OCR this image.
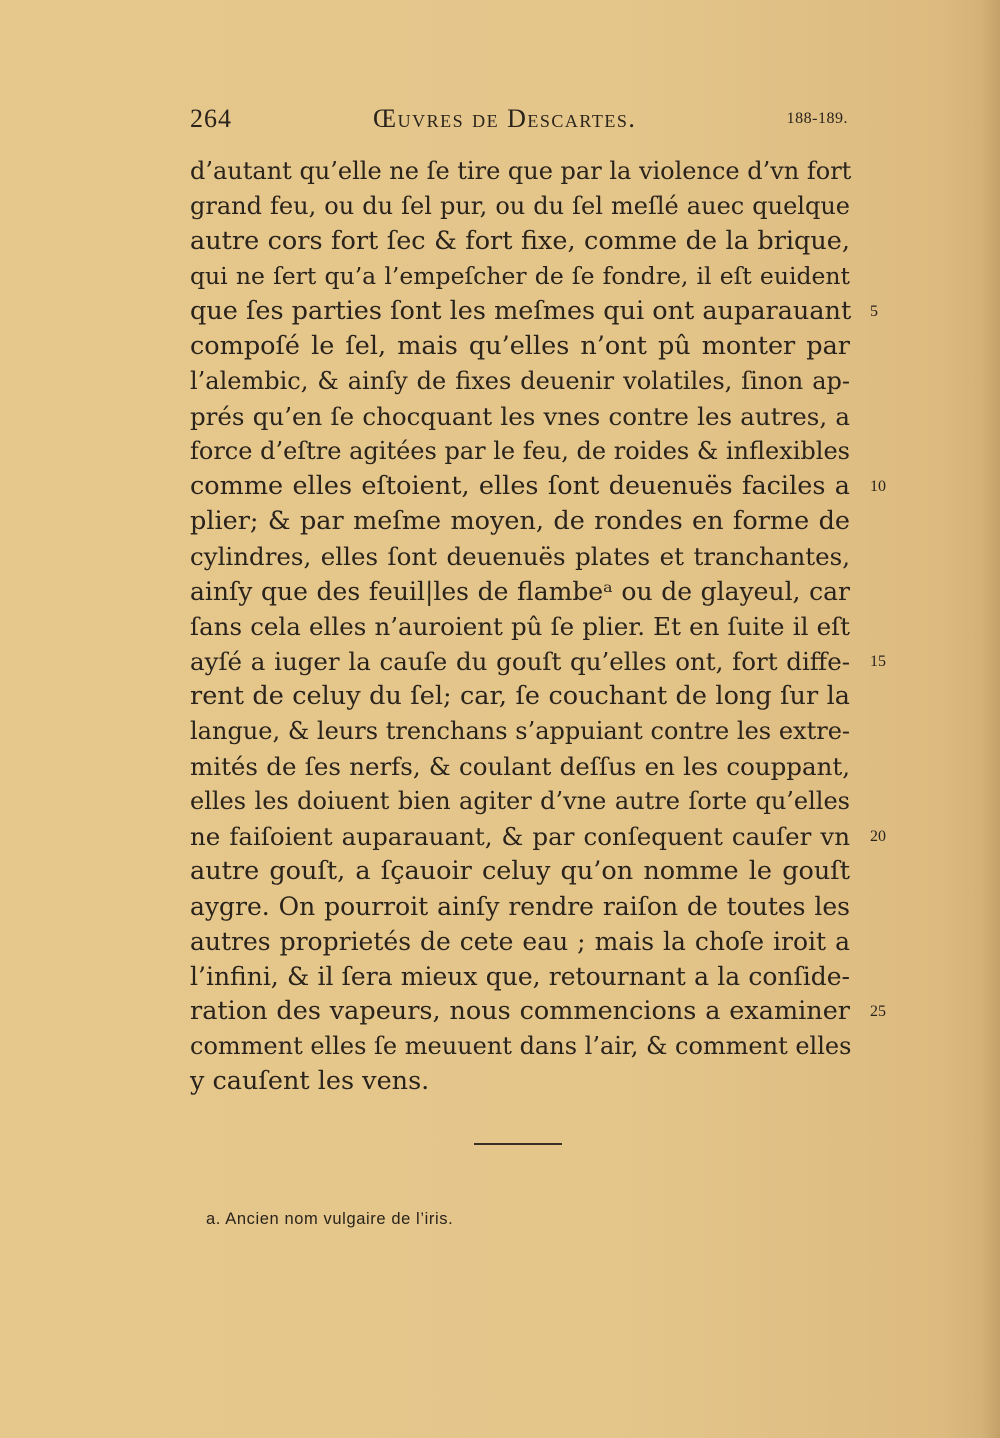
264	Œuvres de Descartes.	188-189.
d’autant qu’elle ne ſe tire que par la violence d’vn fort
grand feu, ou du ſel pur, ou du ſel meſlé auec quelque
autre cors fort ſec & fort fixe, comme de la brique,
qui ne ſert qu’a l’empeſcher de ſe fondre, il eſt euident
que ſes parties ſont les meſmes qui ont auparauant
compoſé le ſel, mais qu’elles n’ont pû monter par
l’alembic, & ainſy de fixes deuenir volatiles, ſinon ap-
prés qu’en ſe chocquant les vnes contre les autres, a
force d’eſtre agitées par le feu, de roides & inflexibles
comme elles eſtoient, elles ſont deuenuës faciles a
plier; & par meſme moyen, de rondes en forme de
cylindres, elles ſont deuenuës plates et tranchantes,
ainſy que des feuil|les de flambeᵃ ou de glayeul, car
ſans cela elles n’auroient pû ſe plier. Et en ſuite il eſt
ayſé a iuger la cauſe du gouſt qu’elles ont, fort diffe-
rent de celuy du ſel; car, ſe couchant de long ſur la
langue, & leurs trenchans s’appuiant contre les extre-
mités de ſes nerfs, & coulant deſſus en les couppant,
elles les doiuent bien agiter d’vne autre ſorte qu’elles
ne faiſoient auparauant, & par conſequent cauſer vn
autre gouſt, a ſçauoir celuy qu’on nomme le gouſt
aygre. On pourroit ainſy rendre raiſon de toutes les
autres proprietés de cete eau ; mais la choſe iroit a
l’infini, & il ſera mieux que, retournant a la conſide-
ration des vapeurs, nous commencions a examiner
comment elles ſe meuuent dans l’air, & comment elles
y cauſent les vens.
5
10
15
20
25
a. Ancien nom vulgaire de l’iris.
